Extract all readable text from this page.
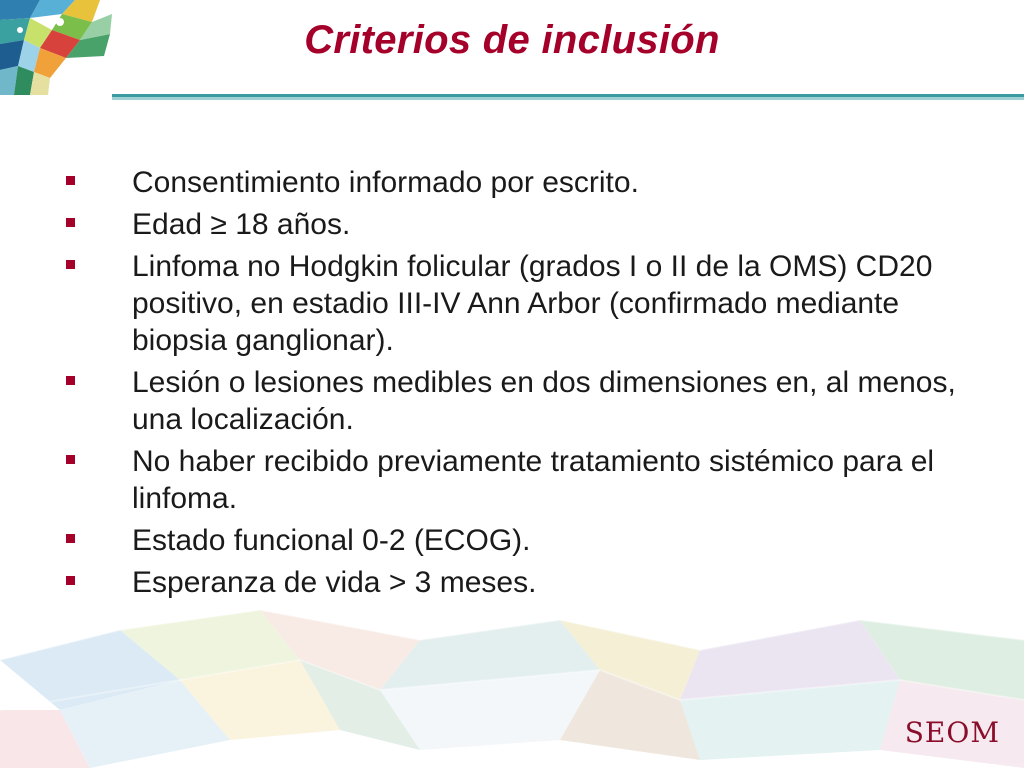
Criterios de inclusión
Consentimiento informado por escrito.
Edad ≥ 18 años.
Linfoma no Hodgkin folicular (grados I o II de la OMS) CD20 positivo, en estadio III-IV Ann Arbor (confirmado mediante biopsia ganglionar).
Lesión o lesiones medibles en dos dimensiones en, al menos, una localización.
No haber recibido previamente tratamiento sistémico para el linfoma.
Estado funcional 0-2 (ECOG).
Esperanza de vida > 3 meses.
SEOM
